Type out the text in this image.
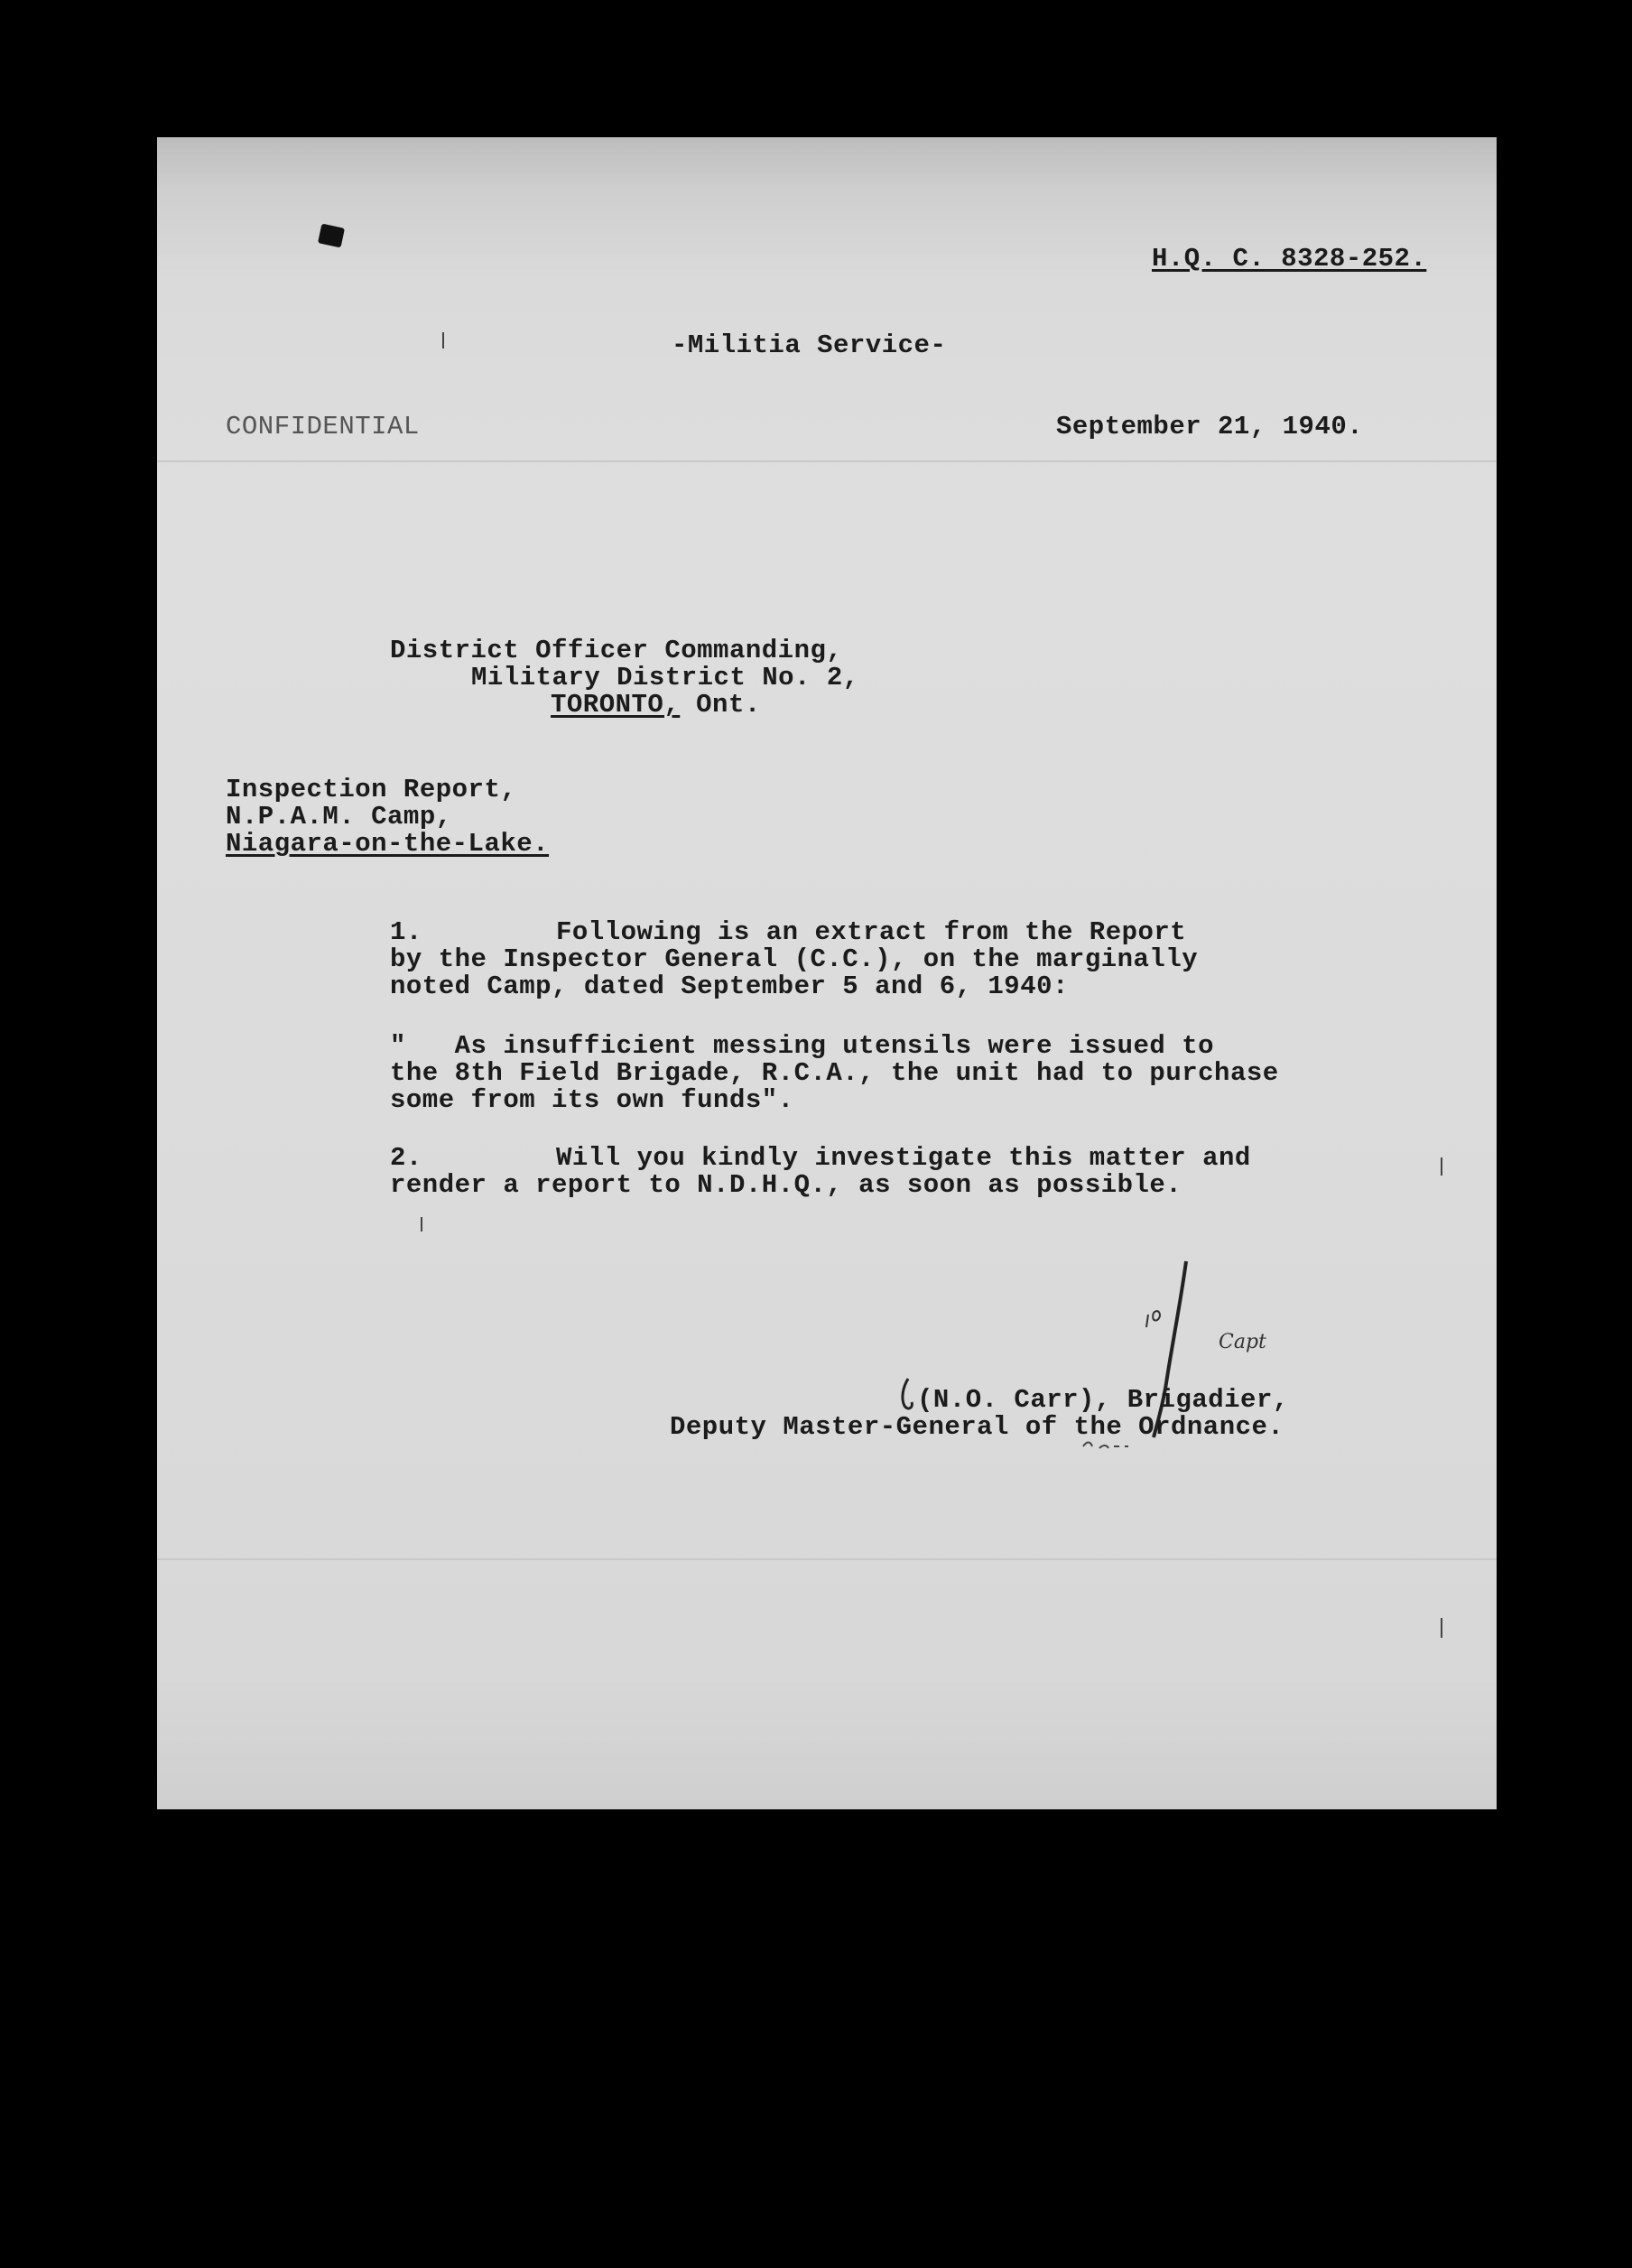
H.Q. C. 8328-252.
-Militia Service-
CONFIDENTIAL	September 21, 1940.
District Officer Commanding,
Military District No. 2,
TORONTO, Ont.
Inspection Report,
N.P.A.M. Camp,
Niagara-on-the-Lake.
1.	Following is an extract from the Report
by the Inspector General (C.C.), on the marginally
noted Camp, dated September 5 and 6, 1940:
"   As insufficient messing utensils were issued to
the 8th Field Brigade, R.C.A., the unit had to purchase
some from its own funds".
2.	Will you kindly investigate this matter and
render a report to N.D.H.Q., as soon as possible.
Capt
(N.O. Carr), Brigadier,
Deputy Master-General of the Ordnance.
